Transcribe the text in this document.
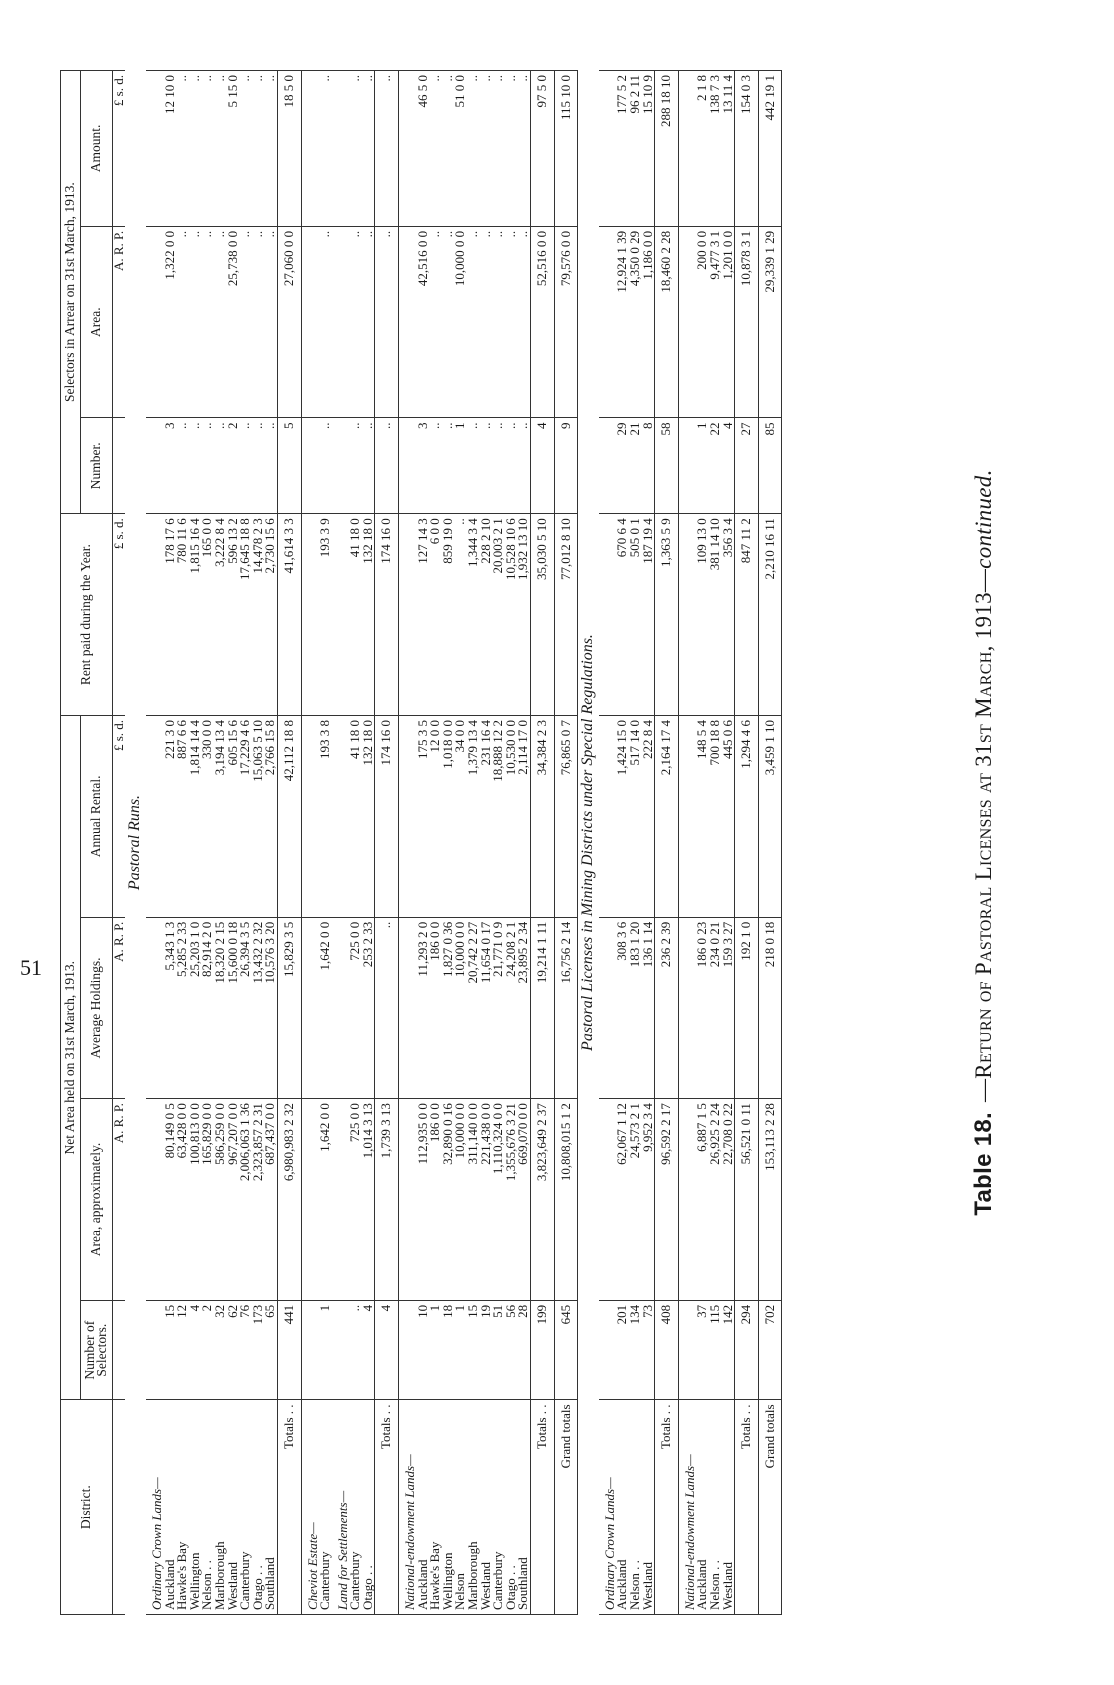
51
Table 18.—Return of Pastoral Licenses at 31st March, 1913—continued.
District.	Net Area held on 31st March, 1913.				Rent paid during the Year.	Selectors in Arrear on 31st March, 1913.		
	Number of Selectors.	Area, approximately.	Average Holdings.	Annual Rental.		Number.	Area.	Amount.
		A. R. P.	A. R. P.	£ s. d.	£ s. d.		A. R. P.	£ s. d.
Pastoral Runs.								
Ordinary Crown Lands—								
Auckland	15	80,149 0 5	5,343 1 3	221 3 0	178 17 6	3	1,322 0 0	12 10 0
Hawke's Bay	12	63,428 0 0	5,285 2 33	887 6 6	780 11 6	..	..	..
Wellington	4	100,813 0 0	25,203 1 0	1,814 14 4	1,815 16 4	..	..	..
Nelson . .	2	165,829 0 0	82,914 2 0	330 0 0	165 0 0	..	..	..
Marlborough	32	586,259 0 0	18,320 2 15	3,194 13 4	3,222 8 4	..	..	..
Westland	62	967,207 0 0	15,600 0 18	605 15 6	596 13 2	2	25,738 0 0	5 15 0
Canterbury	76	2,006,063 1 36	26,394 3 5	17,229 4 6	17,645 18 8	..	..	..
Otago . .	173	2,323,857 2 31	13,432 2 32	15,063 5 10	14,478 2 3	..	..	..
Southland	65	687,437 0 0	10,576 3 20	2,766 15 8	2,730 15 6	..	..	..
Totals . .	441	6,980,983 2 32	15,829 3 5	42,112 18 8	41,614 3 3	5	27,060 0 0	18 5 0
Cheviot Estate—								
Canterbury	1	1,642 0 0	1,642 0 0	193 3 8	193 3 9	..	..	..
Land for Settlements—								
Canterbury	..	725 0 0	725 0 0	41 18 0	41 18 0	..	..	..
Otago . .	4	1,014 3 13	253 2 33	132 18 0	132 18 0	..	..	..
Totals . .	4	1,739 3 13	..	174 16 0	174 16 0	..	..	..
National-endowment Lands—								
Auckland	10	112,935 0 0	11,293 2 0	175 3 5	127 14 3	3	42,516 0 0	46 5 0
Hawke's Bay	1	186 0 0	186 0 0	12 0 0	6 0 0	..	..	..
Wellington	18	32,890 0 16	1,827 0 36	1,018 0 0	859 19 0	..	..	..
Nelson	1	10,000 0 0	10,000 0 0	34 0 0	..	1	10,000 0 0	51 0 0
Marlborough	15	311,140 0 0	20,742 2 27	1,379 13 4	1,344 3 4	..	..	..
Westland	19	221,438 0 0	11,654 0 17	231 16 4	228 2 10	..	..	..
Canterbury	51	1,110,324 0 0	21,771 0 9	18,888 12 2	20,003 2 1	..	..	..
Otago . .	56	1,355,676 3 21	24,208 2 1	10,530 0 0	10,528 10 6	..	..	..
Southland	28	669,070 0 0	23,895 2 34	2,114 17 0	1,932 13 10	..	..	..
Totals . .	199	3,823,649 2 37	19,214 1 11	34,384 2 3	35,030 5 10	4	52,516 0 0	97 5 0
Grand totals	645	10,808,015 1 2	16,756 2 14	76,865 0 7	77,012 8 10	9	79,576 0 0	115 10 0
Pastoral Licenses in Mining Districts under Special Regulations.								
Ordinary Crown Lands—								
Auckland	201	62,067 1 12	308 3 6	1,424 15 0	670 6 4	29	12,924 1 39	177 5 2
Nelson . .	134	24,573 2 1	183 1 20	517 14 0	505 0 1	21	4,350 0 29	96 2 11
Westland	73	9,952 3 4	136 1 14	222 8 4	187 19 4	8	1,186 0 0	15 10 9
Totals . .	408	96,592 2 17	236 2 39	2,164 17 4	1,363 5 9	58	18,460 2 28	288 18 10
National-endowment Lands—								
Auckland	37	6,887 1 5	186 0 23	148 5 4	109 13 0	1	200 0 0	2 1 8
Nelson . .	115	26,925 2 24	234 0 21	700 18 8	381 14 10	22	9,477 3 1	138 7 3
Westland	142	22,708 0 22	159 3 27	445 0 6	356 3 4	4	1,201 0 0	13 11 4
Totals . .	294	56,521 0 11	192 1 0	1,294 4 6	847 11 2	27	10,878 3 1	154 0 3
Grand totals	702	153,113 2 28	218 0 18	3,459 1 10	2,210 16 11	85	29,339 1 29	442 19 1
